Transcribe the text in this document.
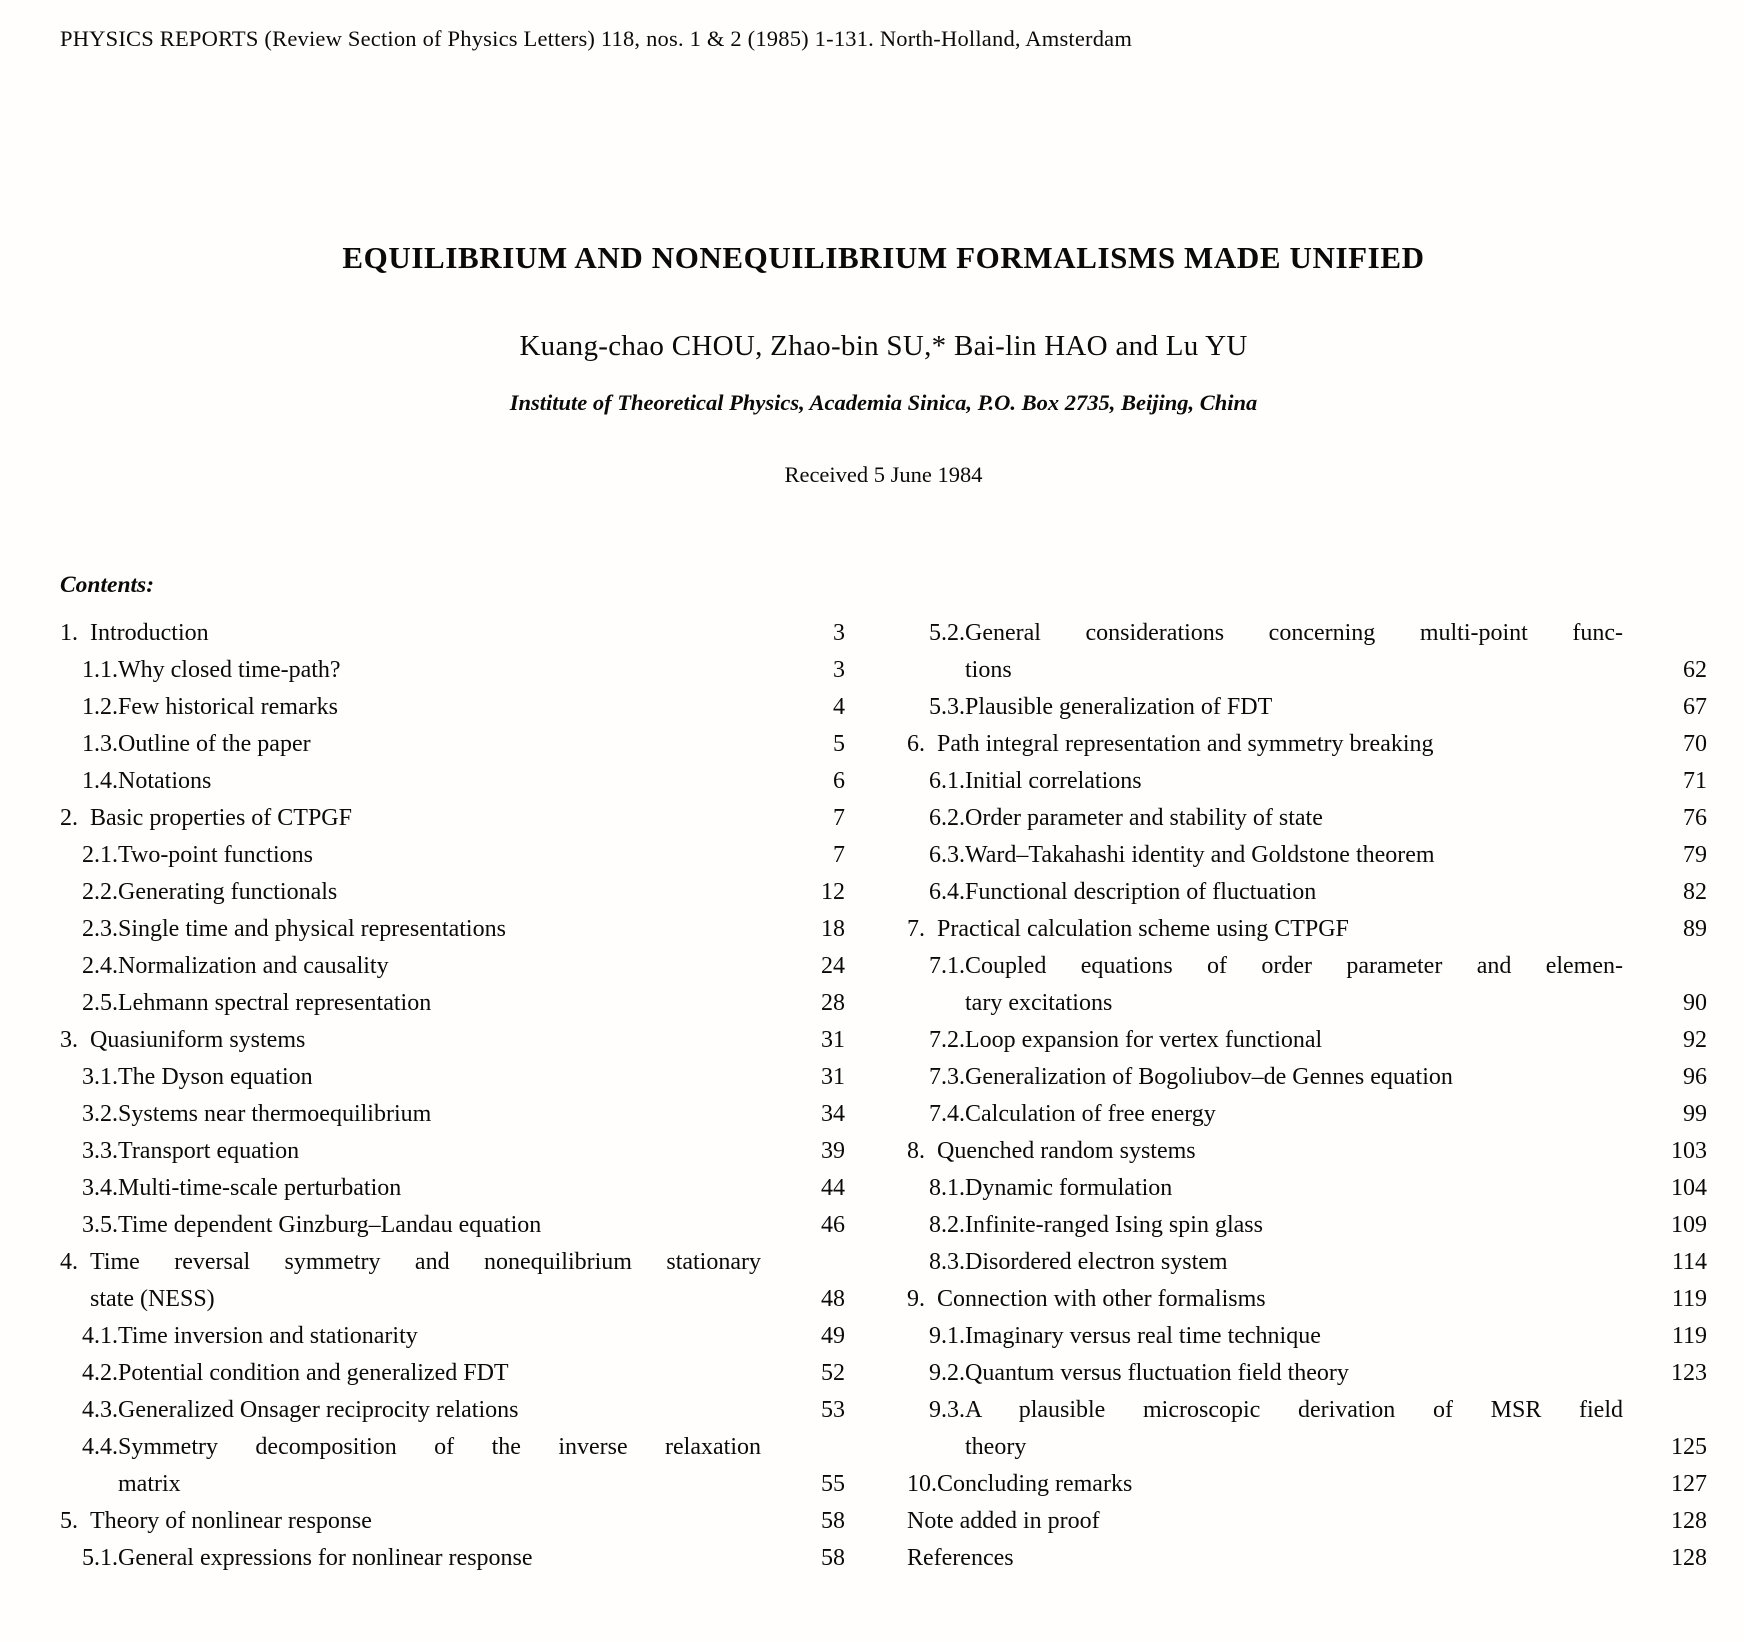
PHYSICS REPORTS (Review Section of Physics Letters) 118, nos. 1 & 2 (1985) 1-131. North-Holland, Amsterdam
EQUILIBRIUM AND NONEQUILIBRIUM FORMALISMS MADE UNIFIED
Kuang-chao CHOU, Zhao-bin SU,* Bai-lin HAO and Lu YU
Institute of Theoretical Physics, Academia Sinica, P.O. Box 2735, Beijing, China
Received 5 June 1984
Contents:
1. Introduction	3
1.1. Why closed time-path?	3
1.2. Few historical remarks	4
1.3. Outline of the paper	5
1.4. Notations	6
2. Basic properties of CTPGF	7
2.1. Two-point functions	7
2.2. Generating functionals	12
2.3. Single time and physical representations	18
2.4. Normalization and causality	24
2.5. Lehmann spectral representation	28
3. Quasiuniform systems	31
3.1. The Dyson equation	31
3.2. Systems near thermoequilibrium	34
3.3. Transport equation	39
3.4. Multi-time-scale perturbation	44
3.5. Time dependent Ginzburg–Landau equation	46
4. Time reversal symmetry and nonequilibrium stationary
state (NESS)	48
4.1. Time inversion and stationarity	49
4.2. Potential condition and generalized FDT	52
4.3. Generalized Onsager reciprocity relations	53
4.4. Symmetry decomposition of the inverse relaxation
matrix	55
5. Theory of nonlinear response	58
5.1. General expressions for nonlinear response	58
5.2. General considerations concerning multi-point func-
tions	62
5.3. Plausible generalization of FDT	67
6. Path integral representation and symmetry breaking	70
6.1. Initial correlations	71
6.2. Order parameter and stability of state	76
6.3. Ward–Takahashi identity and Goldstone theorem	79
6.4. Functional description of fluctuation	82
7. Practical calculation scheme using CTPGF	89
7.1. Coupled equations of order parameter and elemen-
tary excitations	90
7.2. Loop expansion for vertex functional	92
7.3. Generalization of Bogoliubov–de Gennes equation	96
7.4. Calculation of free energy	99
8. Quenched random systems	103
8.1. Dynamic formulation	104
8.2. Infinite-ranged Ising spin glass	109
8.3. Disordered electron system	114
9. Connection with other formalisms	119
9.1. Imaginary versus real time technique	119
9.2. Quantum versus fluctuation field theory	123
9.3. A plausible microscopic derivation of MSR field
theory	125
10. Concluding remarks	127
Note added in proof	128
References	128
